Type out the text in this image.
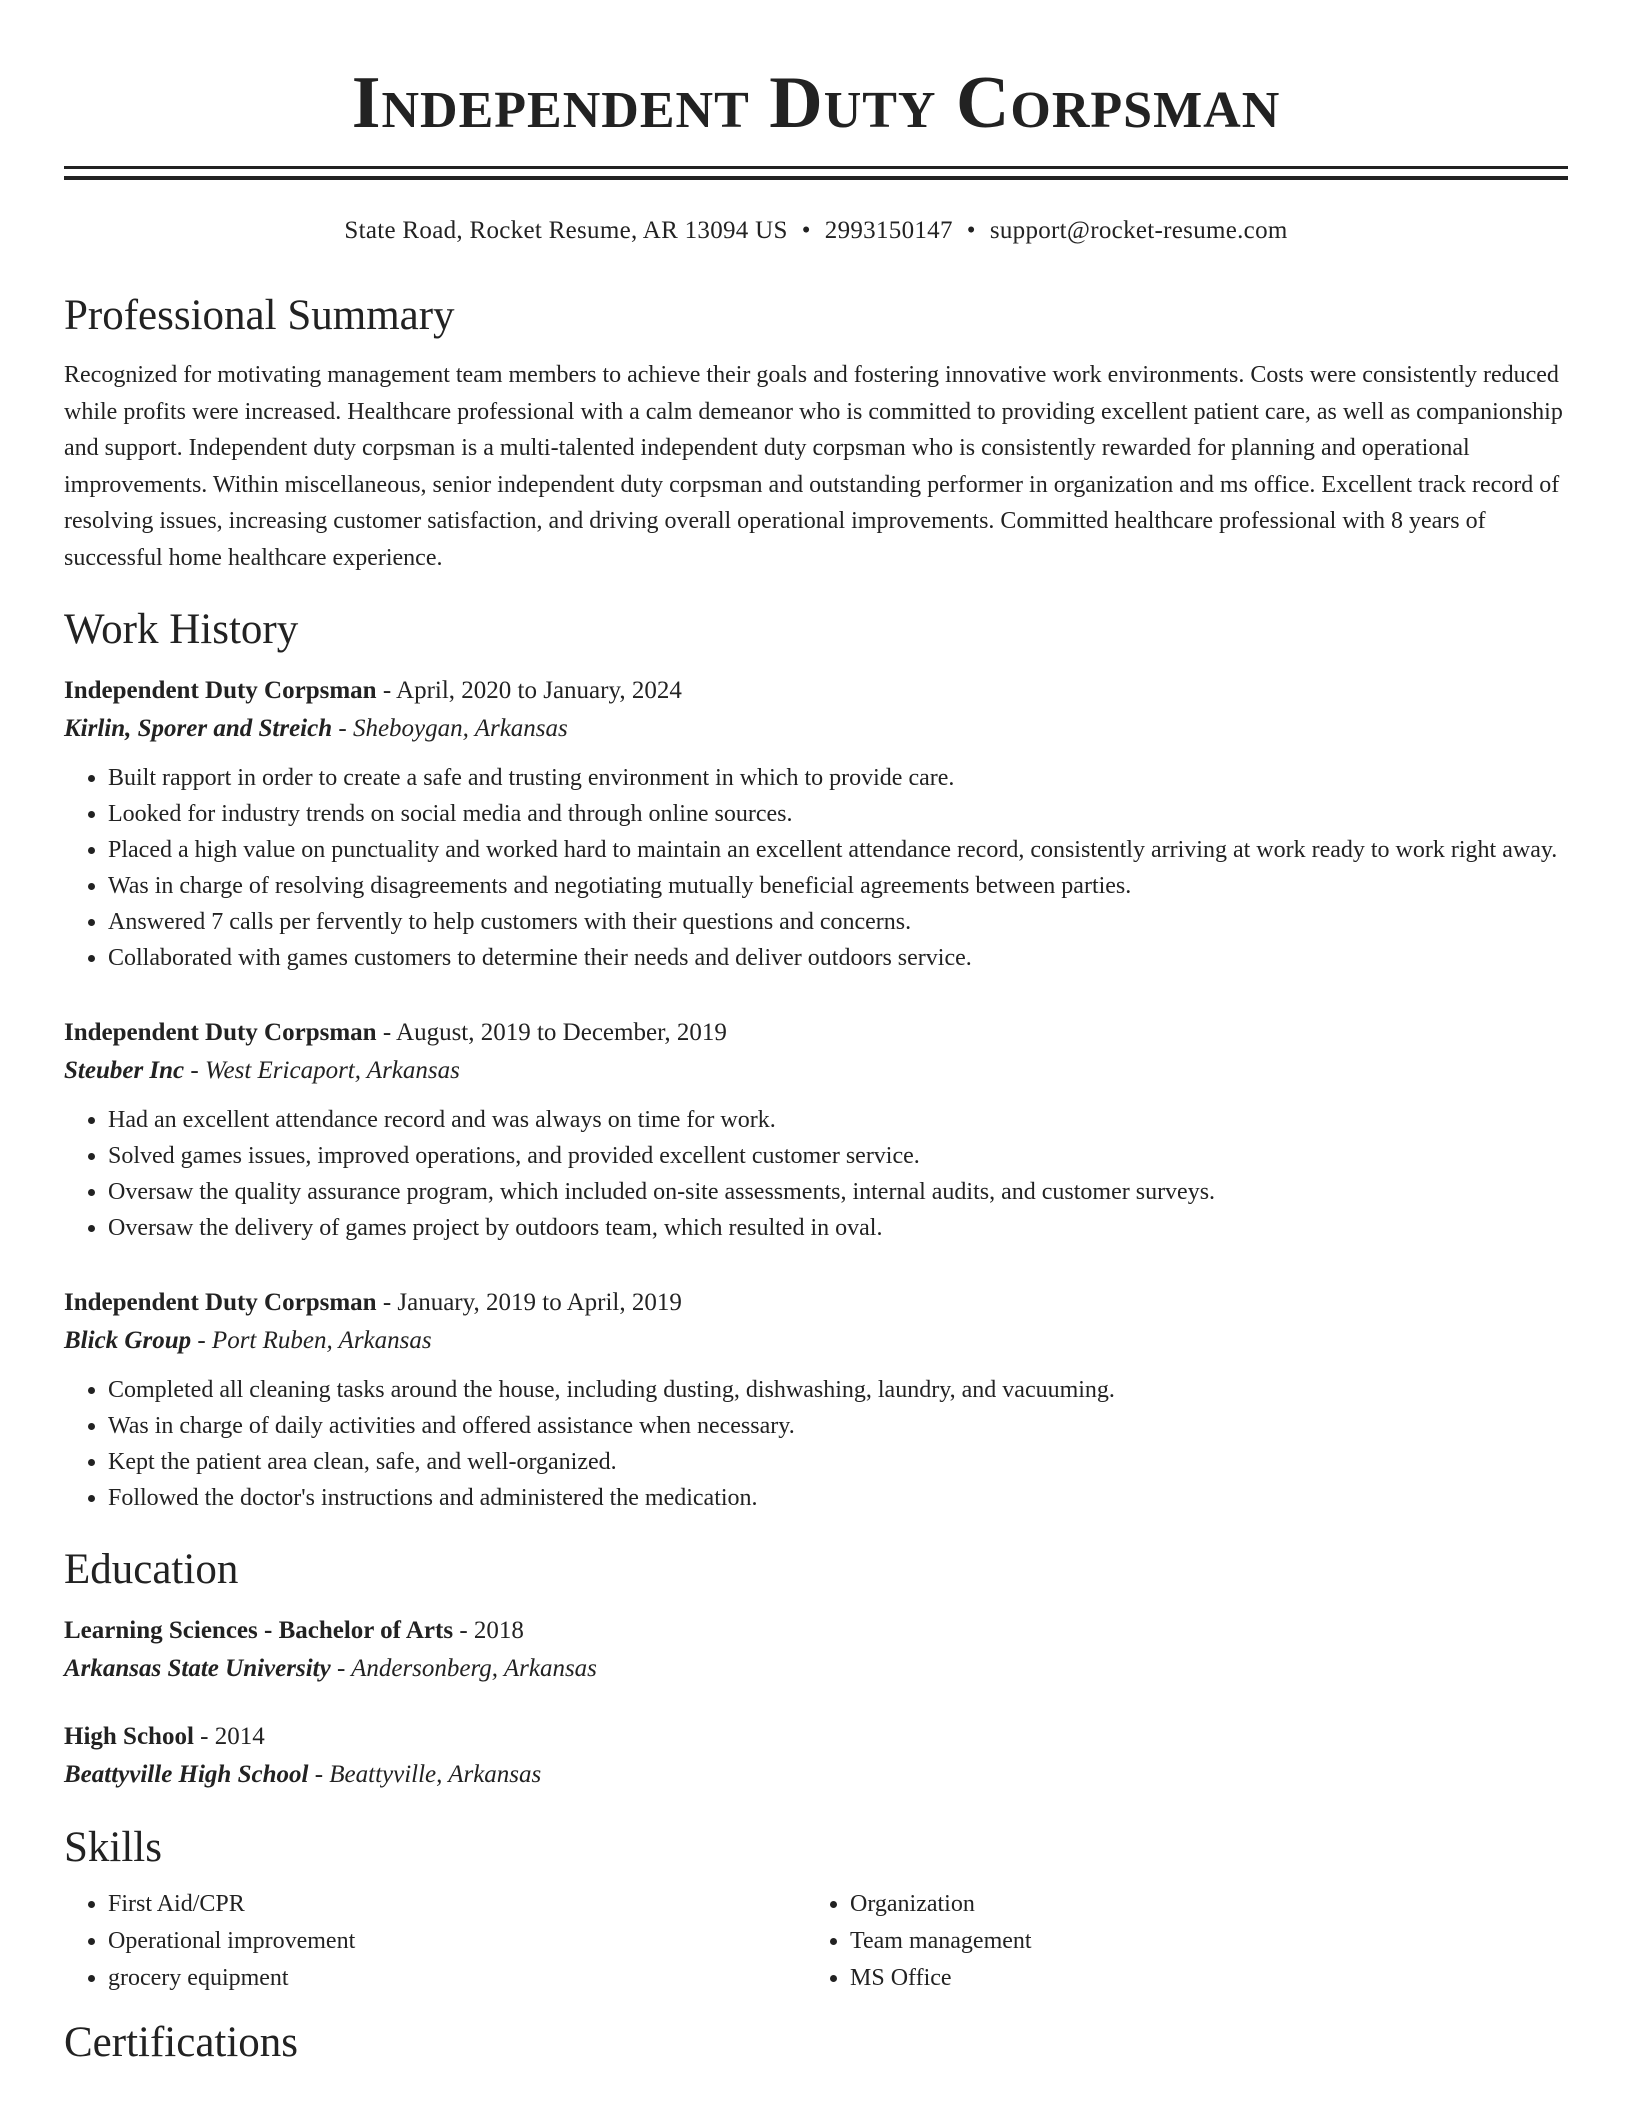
Independent Duty Corpsman
State Road, Rocket Resume, AR 13094 US • 2993150147 • support@rocket-resume.com
Professional Summary
Recognized for motivating management team members to achieve their goals and fostering innovative work environments. Costs were consistently reduced while profits were increased. Healthcare professional with a calm demeanor who is committed to providing excellent patient care, as well as companionship and support. Independent duty corpsman is a multi-talented independent duty corpsman who is consistently rewarded for planning and operational improvements. Within miscellaneous, senior independent duty corpsman and outstanding performer in organization and ms office. Excellent track record of resolving issues, increasing customer satisfaction, and driving overall operational improvements. Committed healthcare professional with 8 years of successful home healthcare experience.
Work History
Independent Duty Corpsman - April, 2020 to January, 2024
Kirlin, Sporer and Streich - Sheboygan, Arkansas
• Built rapport in order to create a safe and trusting environment in which to provide care.
• Looked for industry trends on social media and through online sources.
• Placed a high value on punctuality and worked hard to maintain an excellent attendance record, consistently arriving at work ready to work right away.
• Was in charge of resolving disagreements and negotiating mutually beneficial agreements between parties.
• Answered 7 calls per fervently to help customers with their questions and concerns.
• Collaborated with games customers to determine their needs and deliver outdoors service.
Independent Duty Corpsman - August, 2019 to December, 2019
Steuber Inc - West Ericaport, Arkansas
• Had an excellent attendance record and was always on time for work.
• Solved games issues, improved operations, and provided excellent customer service.
• Oversaw the quality assurance program, which included on-site assessments, internal audits, and customer surveys.
• Oversaw the delivery of games project by outdoors team, which resulted in oval.
Independent Duty Corpsman - January, 2019 to April, 2019
Blick Group - Port Ruben, Arkansas
• Completed all cleaning tasks around the house, including dusting, dishwashing, laundry, and vacuuming.
• Was in charge of daily activities and offered assistance when necessary.
• Kept the patient area clean, safe, and well-organized.
• Followed the doctor's instructions and administered the medication.
Education
Learning Sciences - Bachelor of Arts - 2018
Arkansas State University - Andersonberg, Arkansas
High School - 2014
Beattyville High School - Beattyville, Arkansas
Skills
• First Aid/CPR
• Operational improvement
• grocery equipment
• Organization
• Team management
• MS Office
Certifications
